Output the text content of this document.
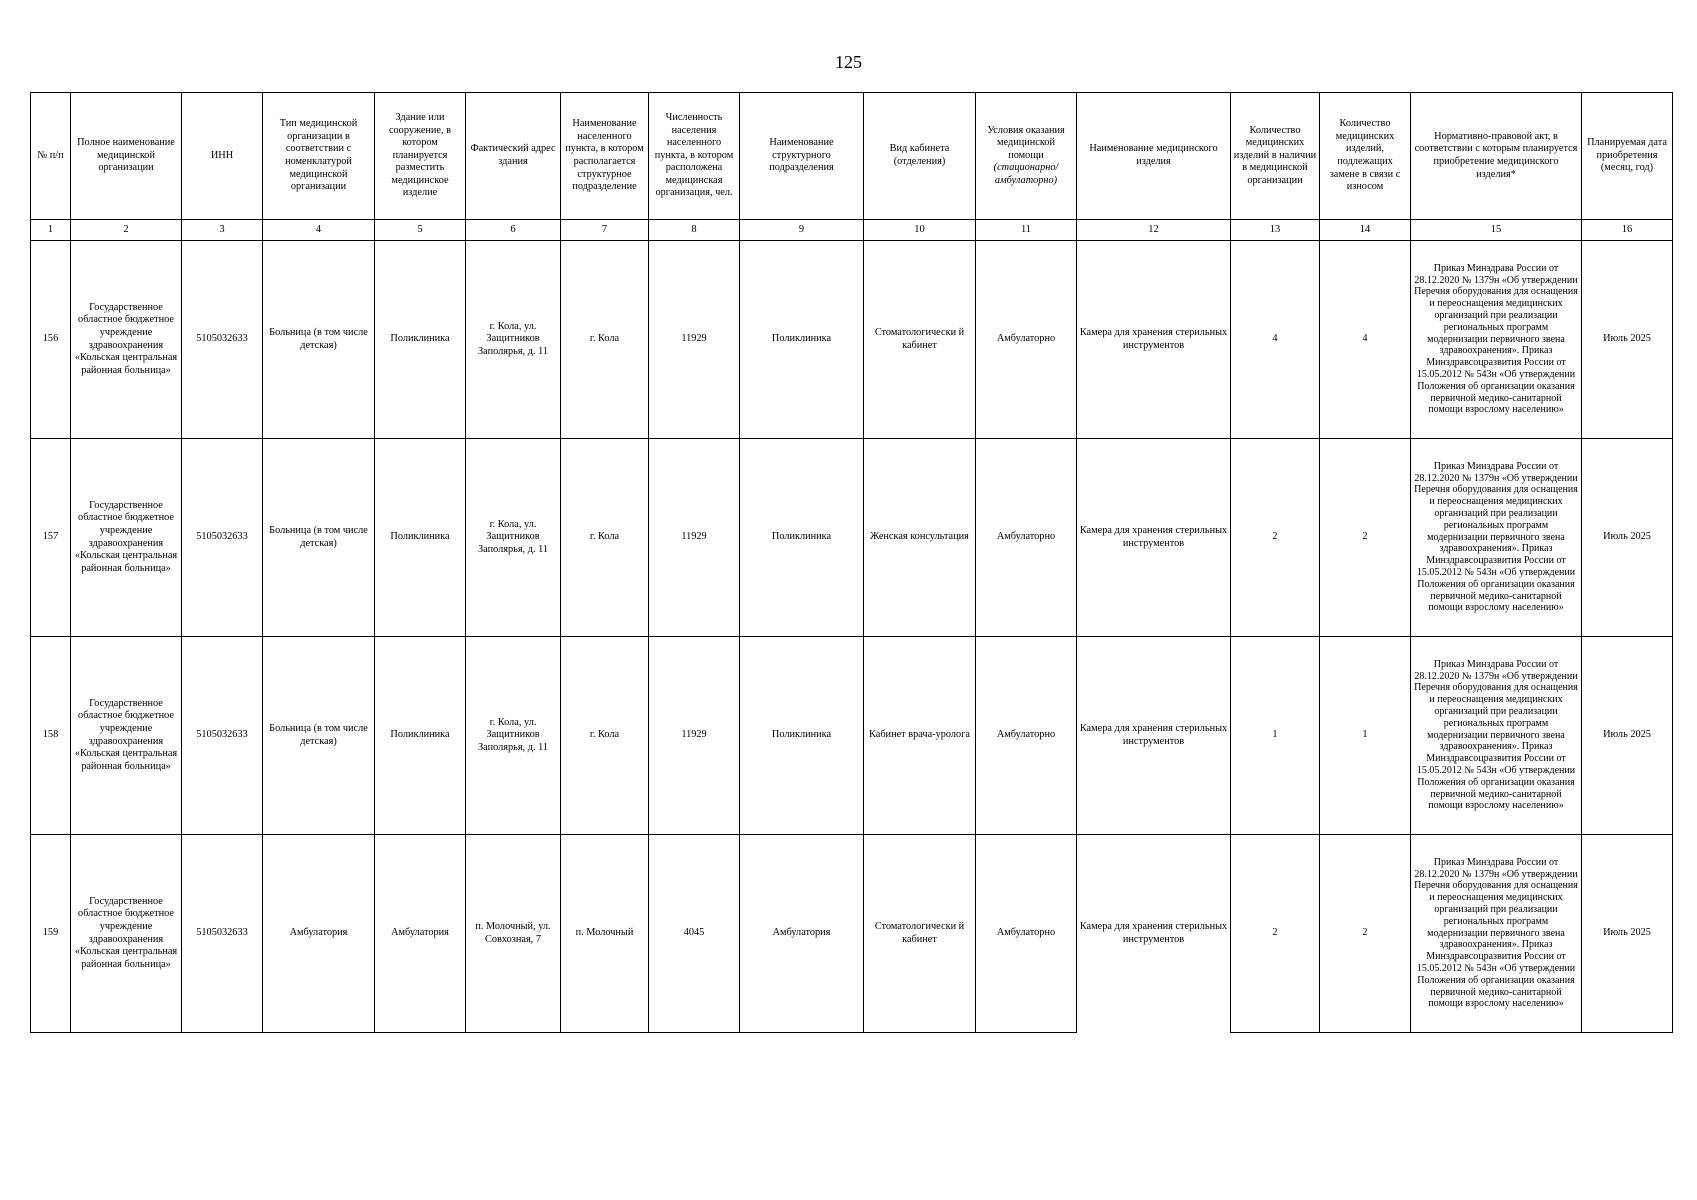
125
№ п/п	Полное наименование медицинской организации	ИНН	Тип медицинской организации в соответствии с номенклатурой медицинской организации	Здание или сооружение, в котором планируется разместить медицинское изделие	Фактический адрес здания	Наименование населенного пункта, в котором располагается структурное подразделение	Численность населения населенного пункта, в котором расположена медицинская организация, чел.	Наименование структурного подразделения	Вид кабинета (отделения)	Условия оказания медицинской помощи
(стационарно/ амбулаторно)	Наименование медицинского изделия	Количество медицинских изделий в наличии в медицинской организации	Количество медицинских изделий, подлежащих замене в связи с износом	Нормативно-правовой акт, в соответствии с которым планируется приобретение медицинского изделия*	Планируемая дата приобретения (месяц, год)
1	2	3	4	5	6	7	8	9	10	11	12	13	14	15	16
156	Государственное областное бюджетное учреждение здравоохранения «Кольская центральная районная больница»	5105032633	Больница (в том числе детская)	Поликлиника	г. Кола, ул. Защитников Заполярья, д. 11	г. Кола	11929	Поликлиника	Стоматологически й кабинет	Амбулаторно	Камера для хранения стерильных инструментов	4	4	Приказ Минздрава России от 28.12.2020 № 1379н «Об утверждении Перечня оборудования для оснащения и переоснащения медицинских организаций при реализации региональных программ модернизации первичного звена здравоохранения». Приказ Минздравсоцразвития России от 15.05.2012 № 543н «Об утверждении Положения об организации оказания первичной медико-санитарной помощи взрослому населению»	Июль 2025
157	Государственное областное бюджетное учреждение здравоохранения «Кольская центральная районная больница»	5105032633	Больница (в том числе детская)	Поликлиника	г. Кола, ул. Защитников Заполярья, д. 11	г. Кола	11929	Поликлиника	Женская консультация	Амбулаторно	Камера для хранения стерильных инструментов	2	2	Приказ Минздрава России от 28.12.2020 № 1379н «Об утверждении Перечня оборудования для оснащения и переоснащения медицинских организаций при реализации региональных программ модернизации первичного звена здравоохранения». Приказ Минздравсоцразвития России от 15.05.2012 № 543н «Об утверждении Положения об организации оказания первичной медико-санитарной помощи взрослому населению»	Июль 2025
158	Государственное областное бюджетное учреждение здравоохранения «Кольская центральная районная больница»	5105032633	Больница (в том числе детская)	Поликлиника	г. Кола, ул. Защитников Заполярья, д. 11	г. Кола	11929	Поликлиника	Кабинет врача-уролога	Амбулаторно	Камера для хранения стерильных инструментов	1	1	Приказ Минздрава России от 28.12.2020 № 1379н «Об утверждении Перечня оборудования для оснащения и переоснащения медицинских организаций при реализации региональных программ модернизации первичного звена здравоохранения». Приказ Минздравсоцразвития России от 15.05.2012 № 543н «Об утверждении Положения об организации оказания первичной медико-санитарной помощи взрослому населению»	Июль 2025
159	Государственное областное бюджетное учреждение здравоохранения «Кольская центральная районная больница»	5105032633	Амбулатория	Амбулатория	п. Молочный, ул. Совхозная, 7	п. Молочный	4045	Амбулатория	Стоматологически й кабинет	Амбулаторно	Камера для хранения стерильных инструментов	2	2	Приказ Минздрава России от 28.12.2020 № 1379н «Об утверждении Перечня оборудования для оснащения и переоснащения медицинских организаций при реализации региональных программ модернизации первичного звена здравоохранения». Приказ Минздравсоцразвития России от 15.05.2012 № 543н «Об утверждении Положения об организации оказания первичной медико-санитарной помощи взрослому населению»	Июль 2025
